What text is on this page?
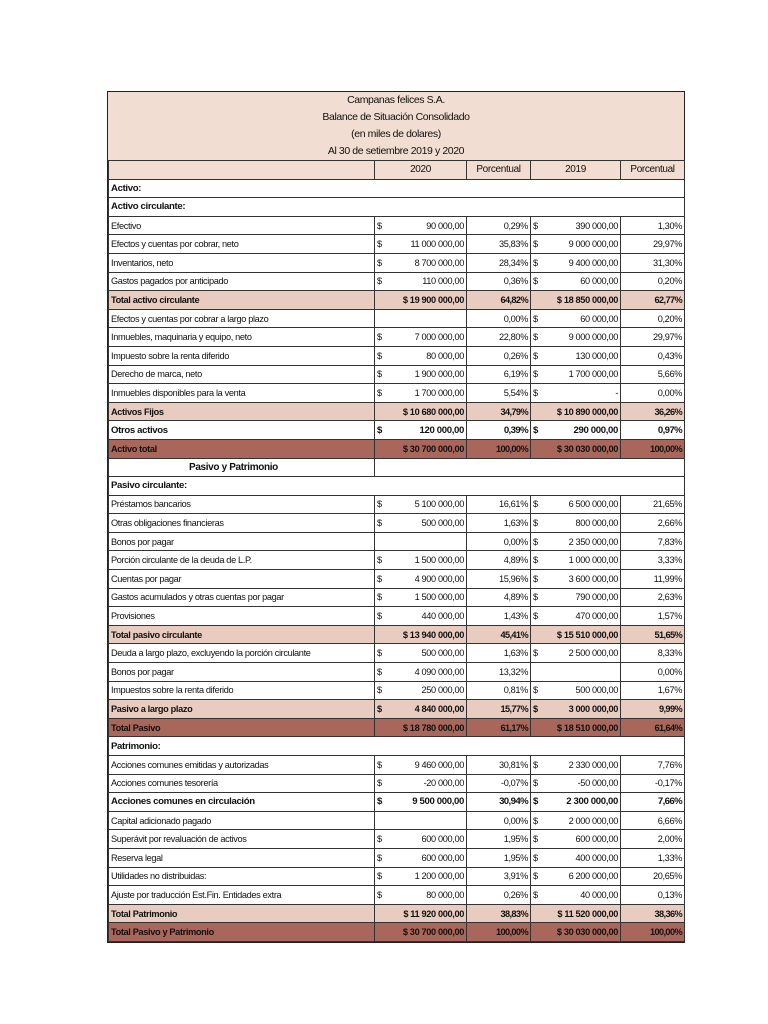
Campanas felices S.A.
Balance de Situación Consolidado
(en miles de dolares)
Al 30 de setiembre 2019 y 2020
	2020		Porcentual	2019		Porcentual
Activo:						
Activo circulante:						
Efectivo	$	90 000,00	0,29%	$	390 000,00	1,30%
Efectos y cuentas por cobrar, neto	$	11 000 000,00	35,83%	$	9 000 000,00	29,97%
Inventarios, neto	$	8 700 000,00	28,34%	$	9 400 000,00	31,30%
Gastos pagados por anticipado	$	110 000,00	0,36%	$	60 000,00	0,20%
Total activo circulante		$ 19 900 000,00	64,82%		$ 18 850 000,00	62,77%
Efectos y cuentas por cobrar a largo plazo			0,00%	$	60 000,00	0,20%
Inmuebles, maquinaria y equipo, neto	$	7 000 000,00	22,80%	$	9 000 000,00	29,97%
Impuesto sobre la renta diferido	$	80 000,00	0,26%	$	130 000,00	0,43%
Derecho de marca, neto	$	1 900 000,00	6,19%	$	1 700 000,00	5,66%
Inmuebles disponibles para la venta	$	1 700 000,00	5,54%	$	-	0,00%
Activos Fijos		$ 10 680 000,00	34,79%		$ 10 890 000,00	36,26%
Otros activos	$	120 000,00	0,39%	$	290 000,00	0,97%
Activo total		$ 30 700 000,00	100,00%		$ 30 030 000,00	100,00%
Pasivo y Patrimonio						
Pasivo circulante:						
Préstamos bancarios	$	5 100 000,00	16,61%	$	6 500 000,00	21,65%
Otras obligaciones financieras	$	500 000,00	1,63%	$	800 000,00	2,66%
Bonos por pagar			0,00%	$	2 350 000,00	7,83%
Porción circulante de la deuda de L.P.	$	1 500 000,00	4,89%	$	1 000 000,00	3,33%
Cuentas por pagar	$	4 900 000,00	15,96%	$	3 600 000,00	11,99%
Gastos acumulados y otras cuentas por pagar	$	1 500 000,00	4,89%	$	790 000,00	2,63%
Provisiones	$	440 000,00	1,43%	$	470 000,00	1,57%
Total pasivo circulante		$ 13 940 000,00	45,41%		$ 15 510 000,00	51,65%
Deuda a largo plazo, excluyendo la porción circulante	$	500 000,00	1,63%	$	2 500 000,00	8,33%
Bonos por pagar	$	4 090 000,00	13,32%			0,00%
Impuestos sobre la renta diferido	$	250 000,00	0,81%	$	500 000,00	1,67%
Pasivo a largo plazo	$	4 840 000,00	15,77%	$	3 000 000,00	9,99%
Total Pasivo		$ 18 780 000,00	61,17%		$ 18 510 000,00	61,64%
Patrimonio:						
Acciones comunes emitidas y autorizadas	$	9 460 000,00	30,81%	$	2 330 000,00	7,76%
Acciones comunes tesorería	$	-20 000,00	-0,07%	$	-50 000,00	-0,17%
Acciones comunes en circulación	$	9 500 000,00	30,94%	$	2 300 000,00	7,66%
Capital adicionado pagado			0,00%	$	2 000 000,00	6,66%
Superávit por revaluación de activos	$	600 000,00	1,95%	$	600 000,00	2,00%
Reserva legal	$	600 000,00	1,95%	$	400 000,00	1,33%
Utilidades no distribuidas:	$	1 200 000,00	3,91%	$	6 200 000,00	20,65%
Ajuste por traducción Est.Fin. Entidades extra	$	80 000,00	0,26%	$	40 000,00	0,13%
Total Patrimonio		$ 11 920 000,00	38,83%		$ 11 520 000,00	38,36%
Total Pasivo y Patrimonio		$ 30 700 000,00	100,00%		$ 30 030 000,00	100,00%
